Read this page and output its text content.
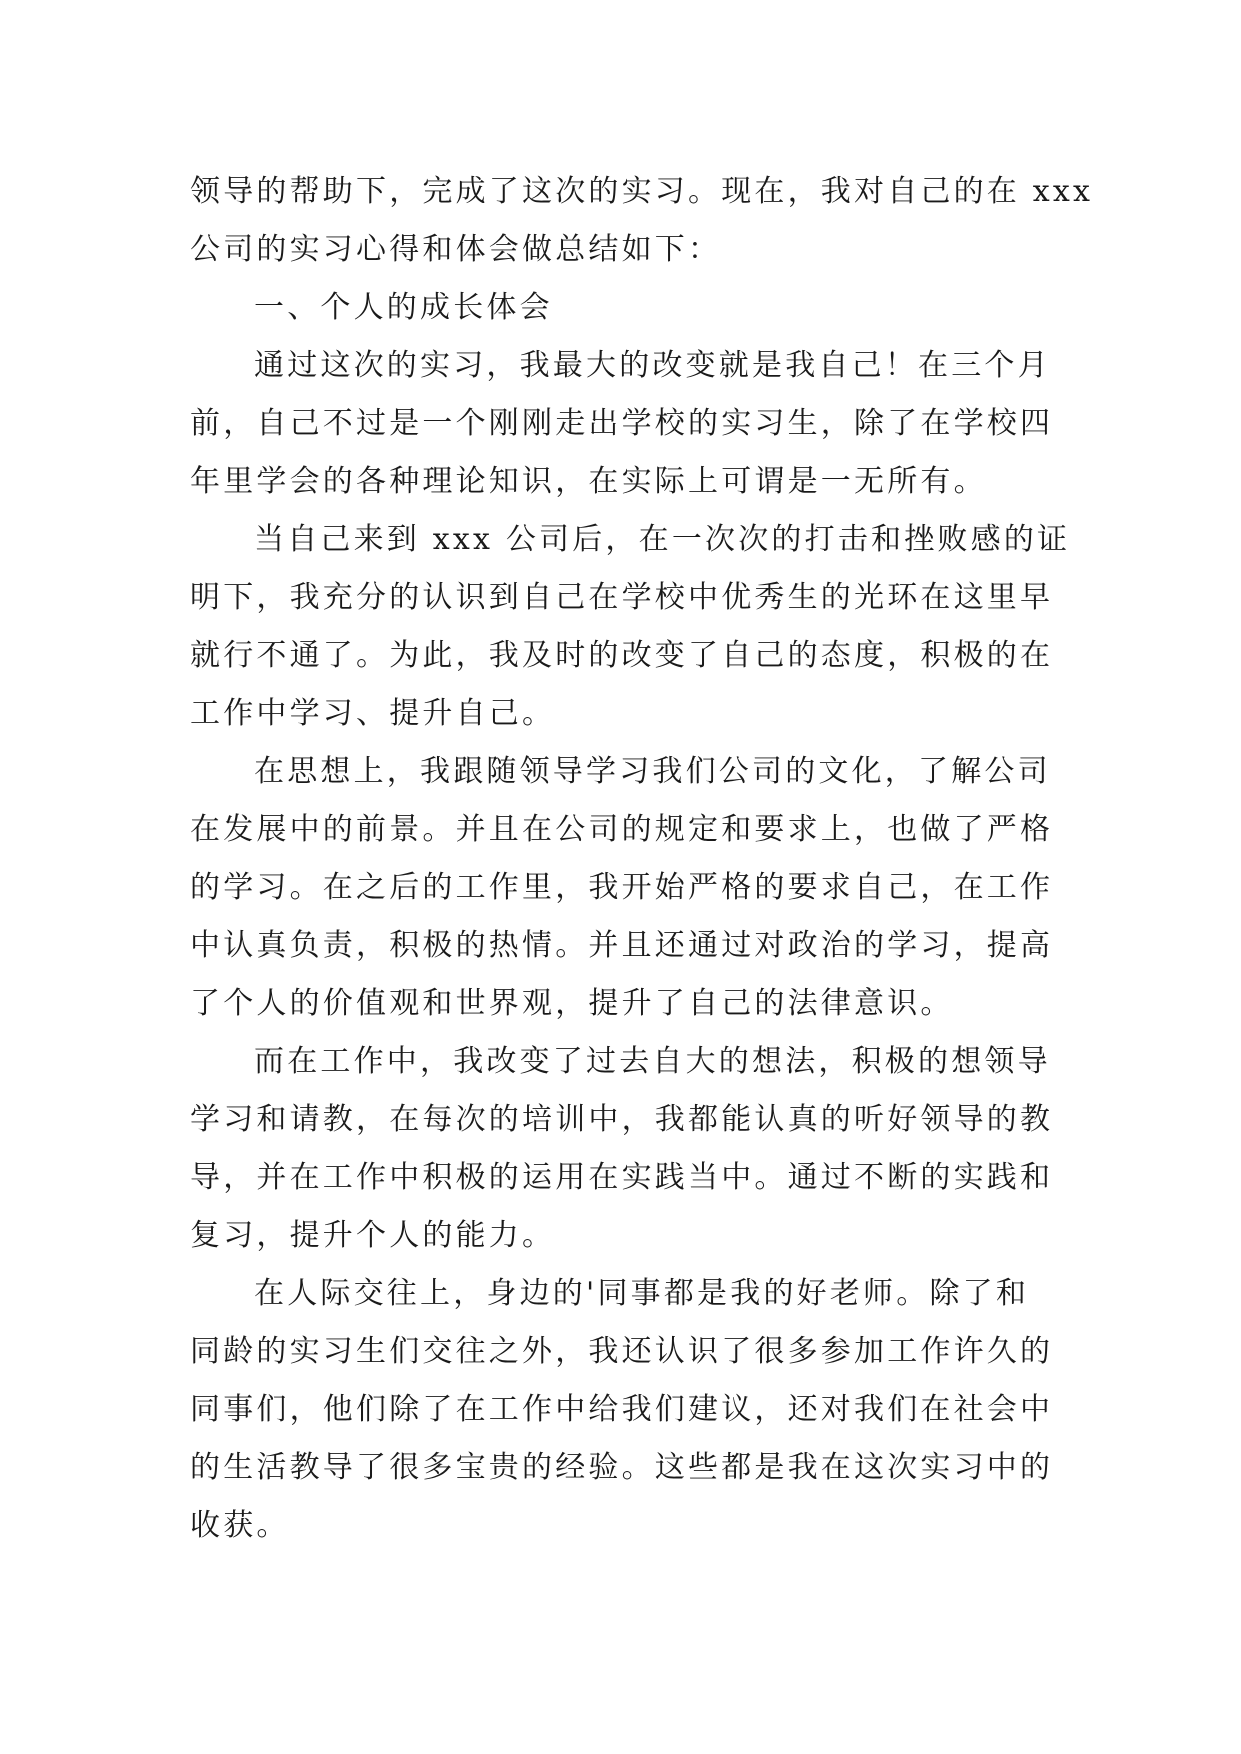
领导的帮助下，完成了这次的实习。现在，我对自己的在 xxx
公司的实习心得和体会做总结如下：
一、个人的成长体会
通过这次的实习，我最大的改变就是我自己！在三个月
前，自己不过是一个刚刚走出学校的实习生，除了在学校四
年里学会的各种理论知识，在实际上可谓是一无所有。
当自己来到 xxx 公司后，在一次次的打击和挫败感的证
明下，我充分的认识到自己在学校中优秀生的光环在这里早
就行不通了。为此，我及时的改变了自己的态度，积极的在
工作中学习、提升自己。
在思想上，我跟随领导学习我们公司的文化，了解公司
在发展中的前景。并且在公司的规定和要求上，也做了严格
的学习。在之后的工作里，我开始严格的要求自己，在工作
中认真负责，积极的热情。并且还通过对政治的学习，提高
了个人的价值观和世界观，提升了自己的法律意识。
而在工作中，我改变了过去自大的想法，积极的想领导
学习和请教，在每次的培训中，我都能认真的听好领导的教
导，并在工作中积极的运用在实践当中。通过不断的实践和
复习，提升个人的能力。
在人际交往上，身边的'同事都是我的好老师。除了和
同龄的实习生们交往之外，我还认识了很多参加工作许久的
同事们，他们除了在工作中给我们建议，还对我们在社会中
的生活教导了很多宝贵的经验。这些都是我在这次实习中的
收获。
